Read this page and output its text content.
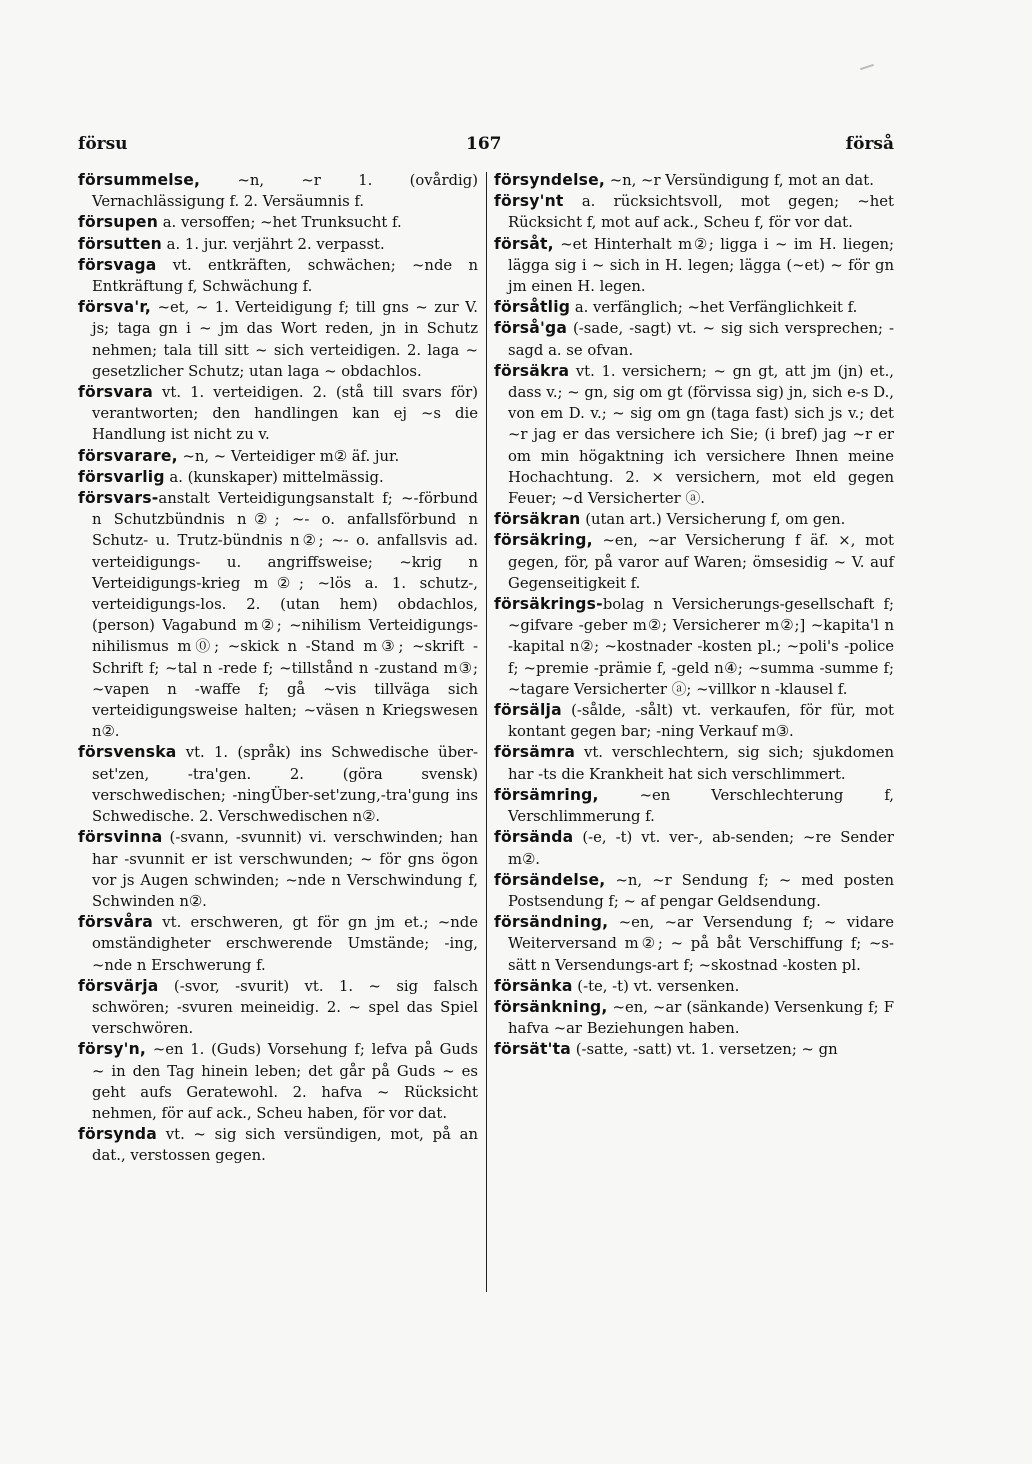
försu	167	förså

försummelse, ~n, ~r 1. (ovårdig) Vernachlässigung f. 2. Versäumnis f.

försupen a. versoffen; ~het Trunksucht f.

försutten a. 1. jur. verjährt 2. verpasst.

försvaga vt. entkräften, schwächen; ~nde n Entkräftung f, Schwächung f.

försva'r, ~et, ~ 1. Verteidigung f; till gns ~ zur V. js; taga gn i ~ jm das Wort reden, jn in Schutz nehmen; tala till sitt ~ sich verteidigen. 2. laga ~ gesetzlicher Schutz; utan laga ~ obdachlos.

försvara vt. 1. verteidigen. 2. (stå till svars för) verantworten; den handlingen kan ej ~s die Handlung ist nicht zu v.

försvarare, ~n, ~ Verteidiger m② äf. jur.

försvarlig a. (kunskaper) mittelmässig.

försvars-anstalt Verteidigungsanstalt f; ~-förbund n Schutzbündnis n②; ~- o. anfallsförbund n Schutz- u. Trutz-bündnis n②; ~- o. anfallsvis ad. verteidigungs- u. angriffsweise; ~krig n Verteidigungs-krieg m②; ~lös a. 1. schutz-, verteidigungs-los. 2. (utan hem) obdachlos, (person) Vagabund m②; ~nihilism Verteidigungs-nihilismus m⓪; ~skick n -Stand m③; ~skrift -Schrift f; ~tal n -rede f; ~tillstånd n -zustand m③; ~vapen n -waffe f; gå ~vis tillväga sich verteidigungsweise halten; ~väsen n Kriegswesen n②.

försvenska vt. 1. (språk) ins Schwedische über-set'zen, -tra'gen. 2. (göra svensk) verschwedischen; -ningÜber-set'zung,-tra'gung ins Schwedische. 2. Verschwedischen n②.

försvinna (-svann, -svunnit) vi. verschwinden; han har -svunnit er ist verschwunden; ~ för gns ögon vor js Augen schwinden; ~nde n Verschwindung f, Schwinden n②.

försvåra vt. erschweren, gt för gn jm et.; ~nde omständigheter erschwerende Umstände; -ing, ~nde n Erschwerung f.

försvärja (-svor, -svurit) vt. 1. ~ sig falsch schwören; -svuren meineidig. 2. ~ spel das Spiel verschwören.

försy'n, ~en 1. (Guds) Vorsehung f; lefva på Guds ~ in den Tag hinein leben; det går på Guds ~ es geht aufs Geratewohl. 2. hafva ~ Rücksicht nehmen, för auf ack., Scheu haben, för vor dat.

försynda vt. ~ sig sich versündigen, mot, på an dat., verstossen gegen.

försyndelse, ~n, ~r Versündigung f, mot an dat.

försy'nt a. rücksichtsvoll, mot gegen; ~het Rücksicht f, mot auf ack., Scheu f, för vor dat.

försåt, ~et Hinterhalt m②; ligga i ~ im H. liegen; lägga sig i ~ sich in H. legen; lägga (~et) ~ för gn jm einen H. legen.

försåtlig a. verfänglich; ~het Verfänglichkeit f.

förså'ga (-sade, -sagt) vt. ~ sig sich versprechen; -sagd a. se ofvan.

försäkra vt. 1. versichern; ~ gn gt, att jm (jn) et., dass v.; ~ gn, sig om gt (förvissa sig) jn, sich e-s D., von em D. v.; ~ sig om gn (taga fast) sich js v.; det ~r jag er das versichere ich Sie; (i bref) jag ~r er om min högaktning ich versichere Ihnen meine Hochachtung. 2. × versichern, mot eld gegen Feuer; ~d Versicherter ⓐ.

försäkran (utan art.) Versicherung f, om gen.

försäkring, ~en, ~ar Versicherung f äf. ×, mot gegen, för, på varor auf Waren; ömsesidig ~ V. auf Gegenseitigkeit f.

försäkrings-bolag n Versicherungs-gesellschaft f; ~gifvare -geber m②; Versicherer m②;] ~kapita'l n -kapital n②; ~kostnader -kosten pl.; ~poli's -police f; ~premie -prämie f, -geld n④; ~summa -summe f; ~tagare Versicherter ⓐ; ~villkor n -klausel f.

försälja (-sålde, -sålt) vt. verkaufen, för für, mot kontant gegen bar; -ning Verkauf m③.

försämra vt. verschlechtern, sig sich; sjukdomen har -ts die Krankheit hat sich verschlimmert.

försämring, ~en Verschlechterung f, Verschlimmerung f.

försända (-e, -t) vt. ver-, ab-senden; ~re Sender m②.

försändelse, ~n, ~r Sendung f; ~ med posten Postsendung f; ~ af pengar Geldsendung.

försändning, ~en, ~ar Versendung f; ~ vidare Weiterversand m②; ~ på båt Verschiffung f; ~s-sätt n Versendungs-art f; ~skostnad -kosten pl.

försänka (-te, -t) vt. versenken.

försänkning, ~en, ~ar (sänkande) Versenkung f; F hafva ~ar Beziehungen haben.

försät'ta (-satte, -satt) vt. 1. versetzen; ~ gn
